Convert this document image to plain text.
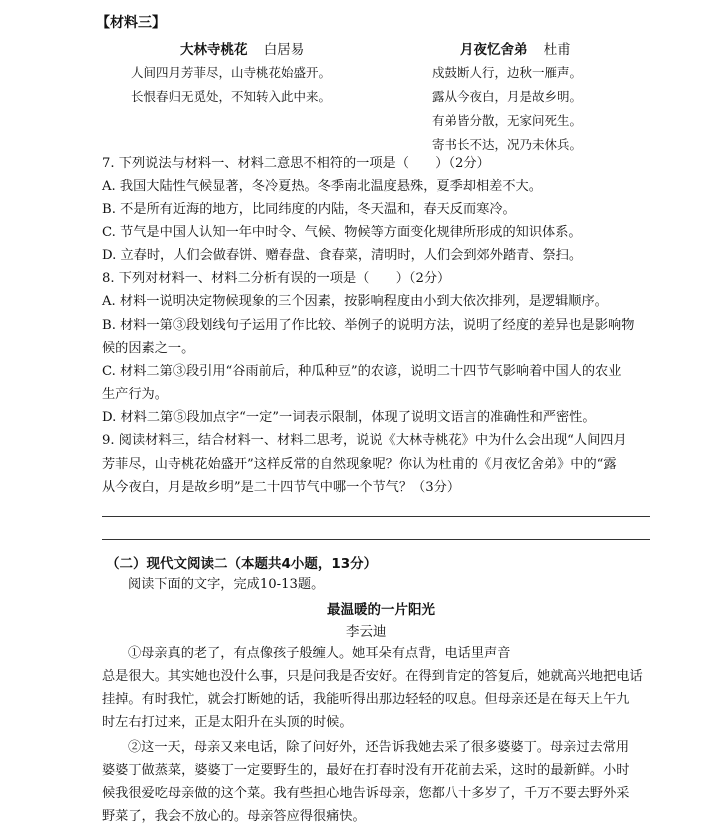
【材料三】
大林寺桃花 白居易
人间四月芳菲尽，山寺桃花始盛开。
长恨春归无觅处，不知转入此中来。
月夜忆舍弟 杜甫
戍鼓断人行，边秋一雁声。
露从今夜白，月是故乡明。
有弟皆分散，无家问死生。
寄书长不达，况乃未休兵。
7. 下列说法与材料一、材料二意思不相符的一项是（　　）（2分）
A. 我国大陆性气候显著，冬冷夏热。冬季南北温度悬殊，夏季却相差不大。
B. 不是所有近海的地方，比同纬度的内陆，冬天温和，春天反而寒冷。
C. 节气是中国人认知一年中时令、气候、物候等方面变化规律所形成的知识体系。
D. 立春时，人们会做春饼、赠春盘、食春菜，清明时，人们会到郊外踏青、祭扫。
8. 下列对材料一、材料二分析有误的一项是（　　）（2分）
A. 材料一说明决定物候现象的三个因素，按影响程度由小到大依次排列，是逻辑顺序。
B. 材料一第③段划线句子运用了作比较、举例子的说明方法，说明了经度的差异也是影响物
候的因素之一。
C. 材料二第③段引用“谷雨前后，种瓜种豆”的农谚，说明二十四节气影响着中国人的农业
生产行为。
D. 材料二第⑤段加点字“一定”一词表示限制，体现了说明文语言的准确性和严密性。
9. 阅读材料三，结合材料一、材料二思考，说说《大林寺桃花》中为什么会出现“人间四月
芳菲尽，山寺桃花始盛开”这样反常的自然现象呢？你认为杜甫的《月夜忆舍弟》中的“露
从今夜白，月是故乡明”是二十四节气中哪一个节气？（3分）
（二）现代文阅读二（本题共4小题，13分）
阅读下面的文字，完成10-13题。
最温暖的一片阳光
李云迪
①母亲真的老了，有点像孩子般缠人。她耳朵有点背，电话里声音
总是很大。其实她也没什么事，只是问我是否安好。在得到肯定的答复后，她就高兴地把电话
挂掉。有时我忙，就会打断她的话，我能听得出那边轻轻的叹息。但母亲还是在每天上午九
时左右打过来，正是太阳升在头顶的时候。
②这一天，母亲又来电话，除了问好外，还告诉我她去采了很多婆婆丁。母亲过去常用
婆婆丁做蒸菜，婆婆丁一定要野生的，最好在打春时没有开花前去采，这时的最新鲜。小时
候我很爱吃母亲做的这个菜。我有些担心地告诉母亲，您都八十多岁了，千万不要去野外采
野菜了，我会不放心的。母亲答应得很痛快。
